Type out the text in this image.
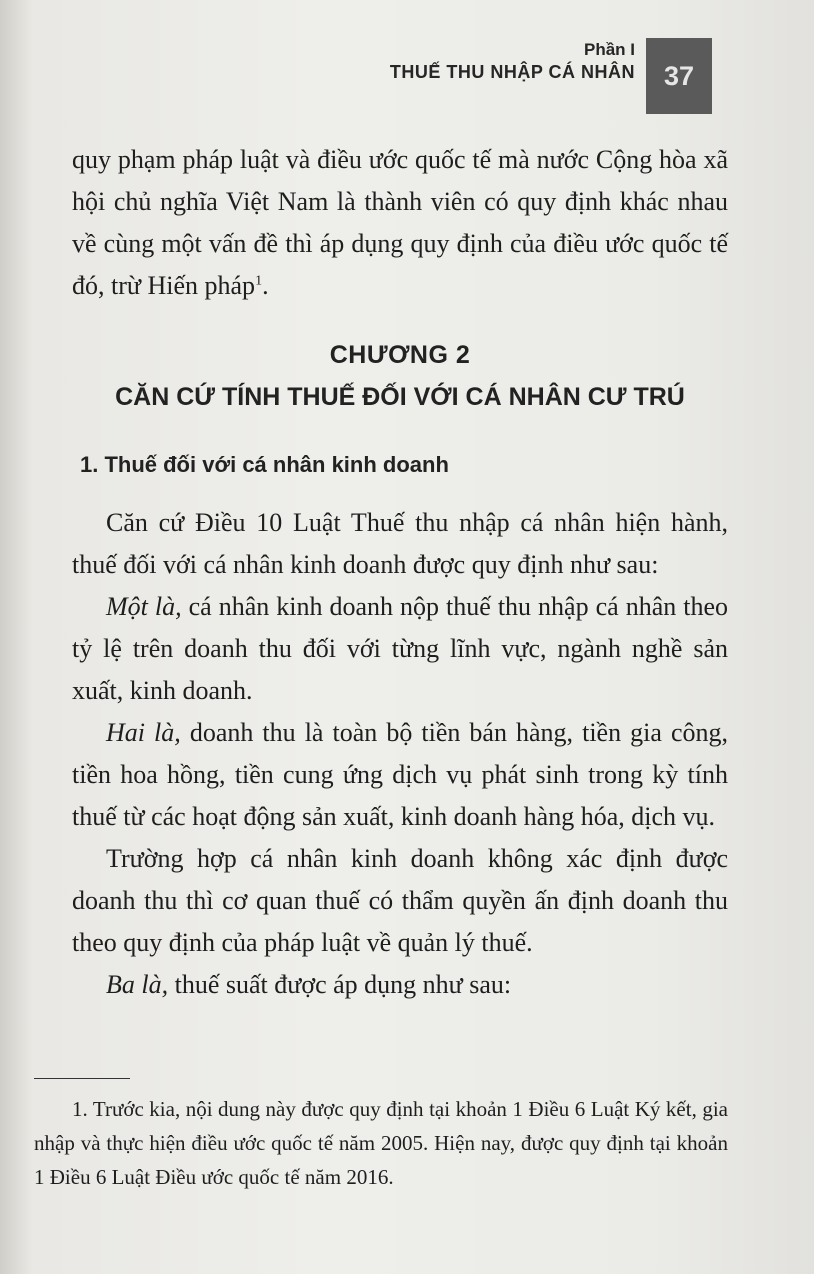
Phần I
THUẾ THU NHẬP CÁ NHÂN 37

quy phạm pháp luật và điều ước quốc tế mà nước Cộng hòa xã hội chủ nghĩa Việt Nam là thành viên có quy định khác nhau về cùng một vấn đề thì áp dụng quy định của điều ước quốc tế đó, trừ Hiến pháp$^1$.

CHƯƠNG 2
CĂN CỨ TÍNH THUẾ ĐỐI VỚI CÁ NHÂN CƯ TRÚ
1. Thuế đối với cá nhân kinh doanh

Căn cứ Điều 10 Luật Thuế thu nhập cá nhân hiện hành, thuế đối với cá nhân kinh doanh được quy định như sau:

Một là, cá nhân kinh doanh nộp thuế thu nhập cá nhân theo tỷ lệ trên doanh thu đối với từng lĩnh vực, ngành nghề sản xuất, kinh doanh.

Hai là, doanh thu là toàn bộ tiền bán hàng, tiền gia công, tiền hoa hồng, tiền cung ứng dịch vụ phát sinh trong kỳ tính thuế từ các hoạt động sản xuất, kinh doanh hàng hóa, dịch vụ.

Trường hợp cá nhân kinh doanh không xác định được doanh thu thì cơ quan thuế có thẩm quyền ấn định doanh thu theo quy định của pháp luật về quản lý thuế.

Ba là, thuế suất được áp dụng như sau:

1. Trước kia, nội dung này được quy định tại khoản 1 Điều 6 Luật Ký kết, gia nhập và thực hiện điều ước quốc tế năm 2005. Hiện nay, được quy định tại khoản 1 Điều 6 Luật Điều ước quốc tế năm 2016.
